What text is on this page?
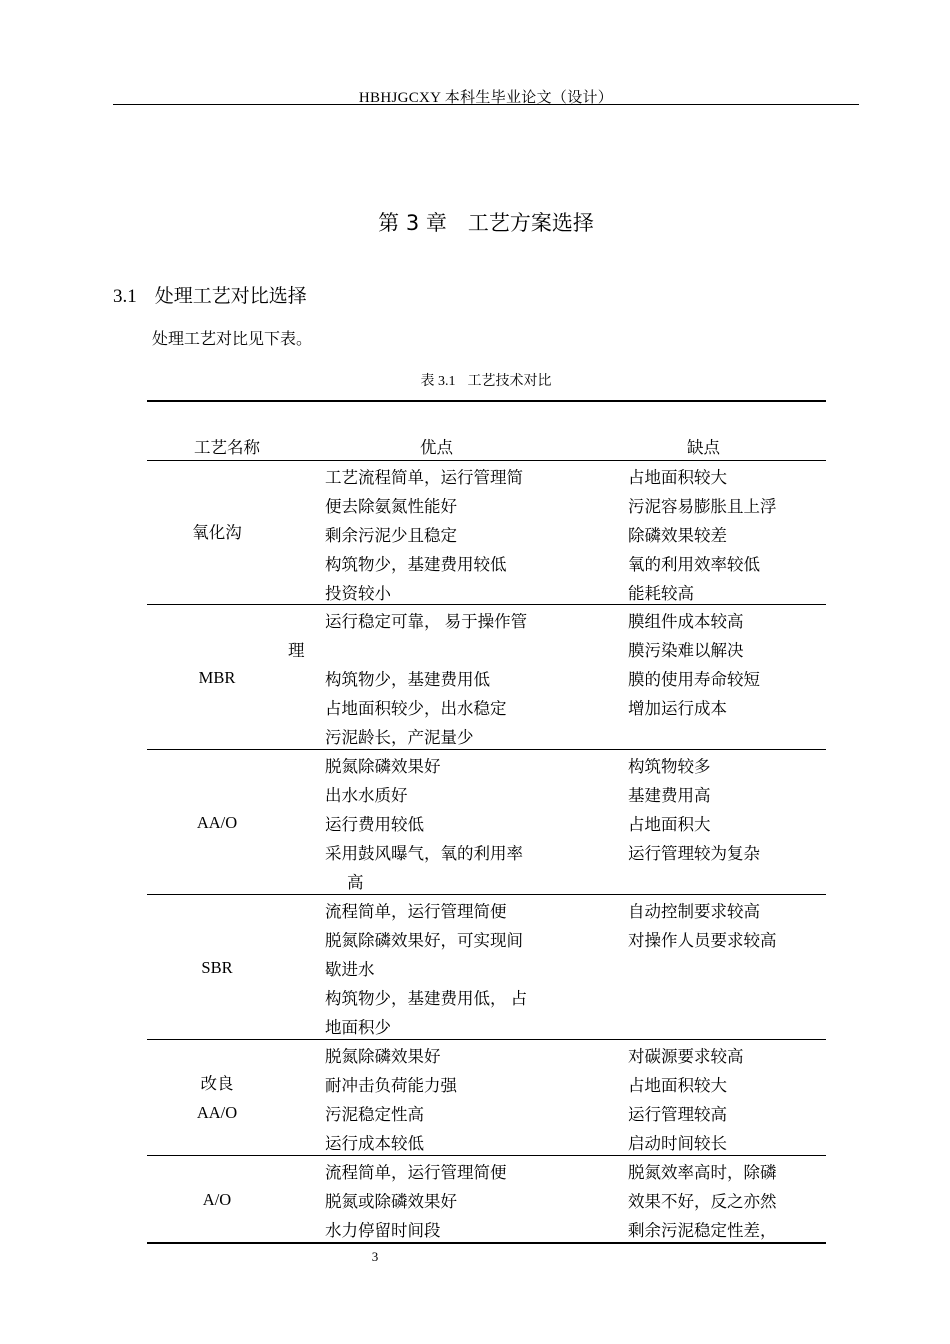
HBHJGCXY 本科生毕业论文（设计）
第 3 章　工艺方案选择
3.1 处理工艺对比选择
处理工艺对比见下表。
表 3.1 工艺技术对比
工艺名称	优点	缺点
氧化沟
工艺流程简单，运行管理简
便去除氨氮性能好
剩余污泥少且稳定
构筑物少，基建费用较低
投资较小
占地面积较大
污泥容易膨胀且上浮
除磷效果较差
氧的利用效率较低
能耗较高
MBR
运行稳定可靠， 易于操作管
理
构筑物少，基建费用低
占地面积较少，出水稳定
污泥龄长，产泥量少
膜组件成本较高
膜污染难以解决
膜的使用寿命较短
增加运行成本
AA/O
脱氮除磷效果好
出水水质好
运行费用较低
采用鼓风曝气，氧的利用率
高
构筑物较多
基建费用高
占地面积大
运行管理较为复杂
SBR
流程简单，运行管理简便
脱氮除磷效果好，可实现间
歇进水
构筑物少，基建费用低， 占
地面积少
自动控制要求较高
对操作人员要求较高
改良
AA/O
脱氮除磷效果好
耐冲击负荷能力强
污泥稳定性高
运行成本较低
对碳源要求较高
占地面积较大
运行管理较高
启动时间较长
A/O
流程简单，运行管理简便
脱氮或除磷效果好
水力停留时间段
脱氮效率高时，除磷
效果不好，反之亦然
剩余污泥稳定性差，
3
